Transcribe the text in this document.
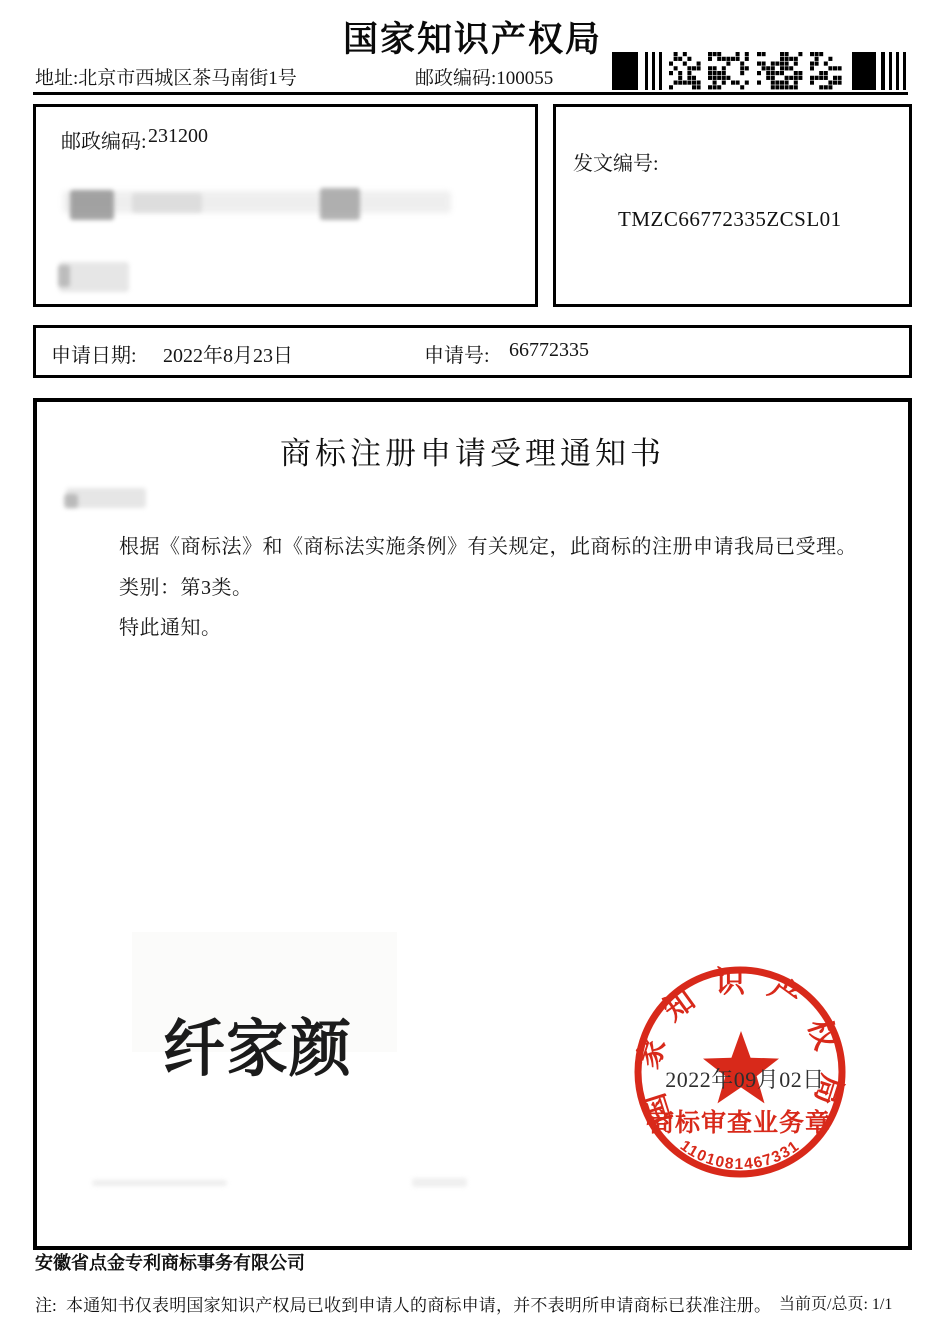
国家知识产权局
地址:北京市西城区茶马南街1号	邮政编码:100055
邮政编码: 231200
发文编号:
TMZC66772335ZCSL01
申请日期: 2022年8月23日	申请号: 66772335
商标注册申请受理通知书
根据《商标法》和《商标法实施条例》有关规定，此商标的注册申请我局已受理。
类别：第3类。
特此通知。
纤家颜
国家知识产权局
1101081467331
商标审查业务章
2022年09月02日
安徽省点金专利商标事务有限公司
注: 本通知书仅表明国家知识产权局已收到申请人的商标申请，并不表明所申请商标已获准注册。 当前页/总页: 1/1
